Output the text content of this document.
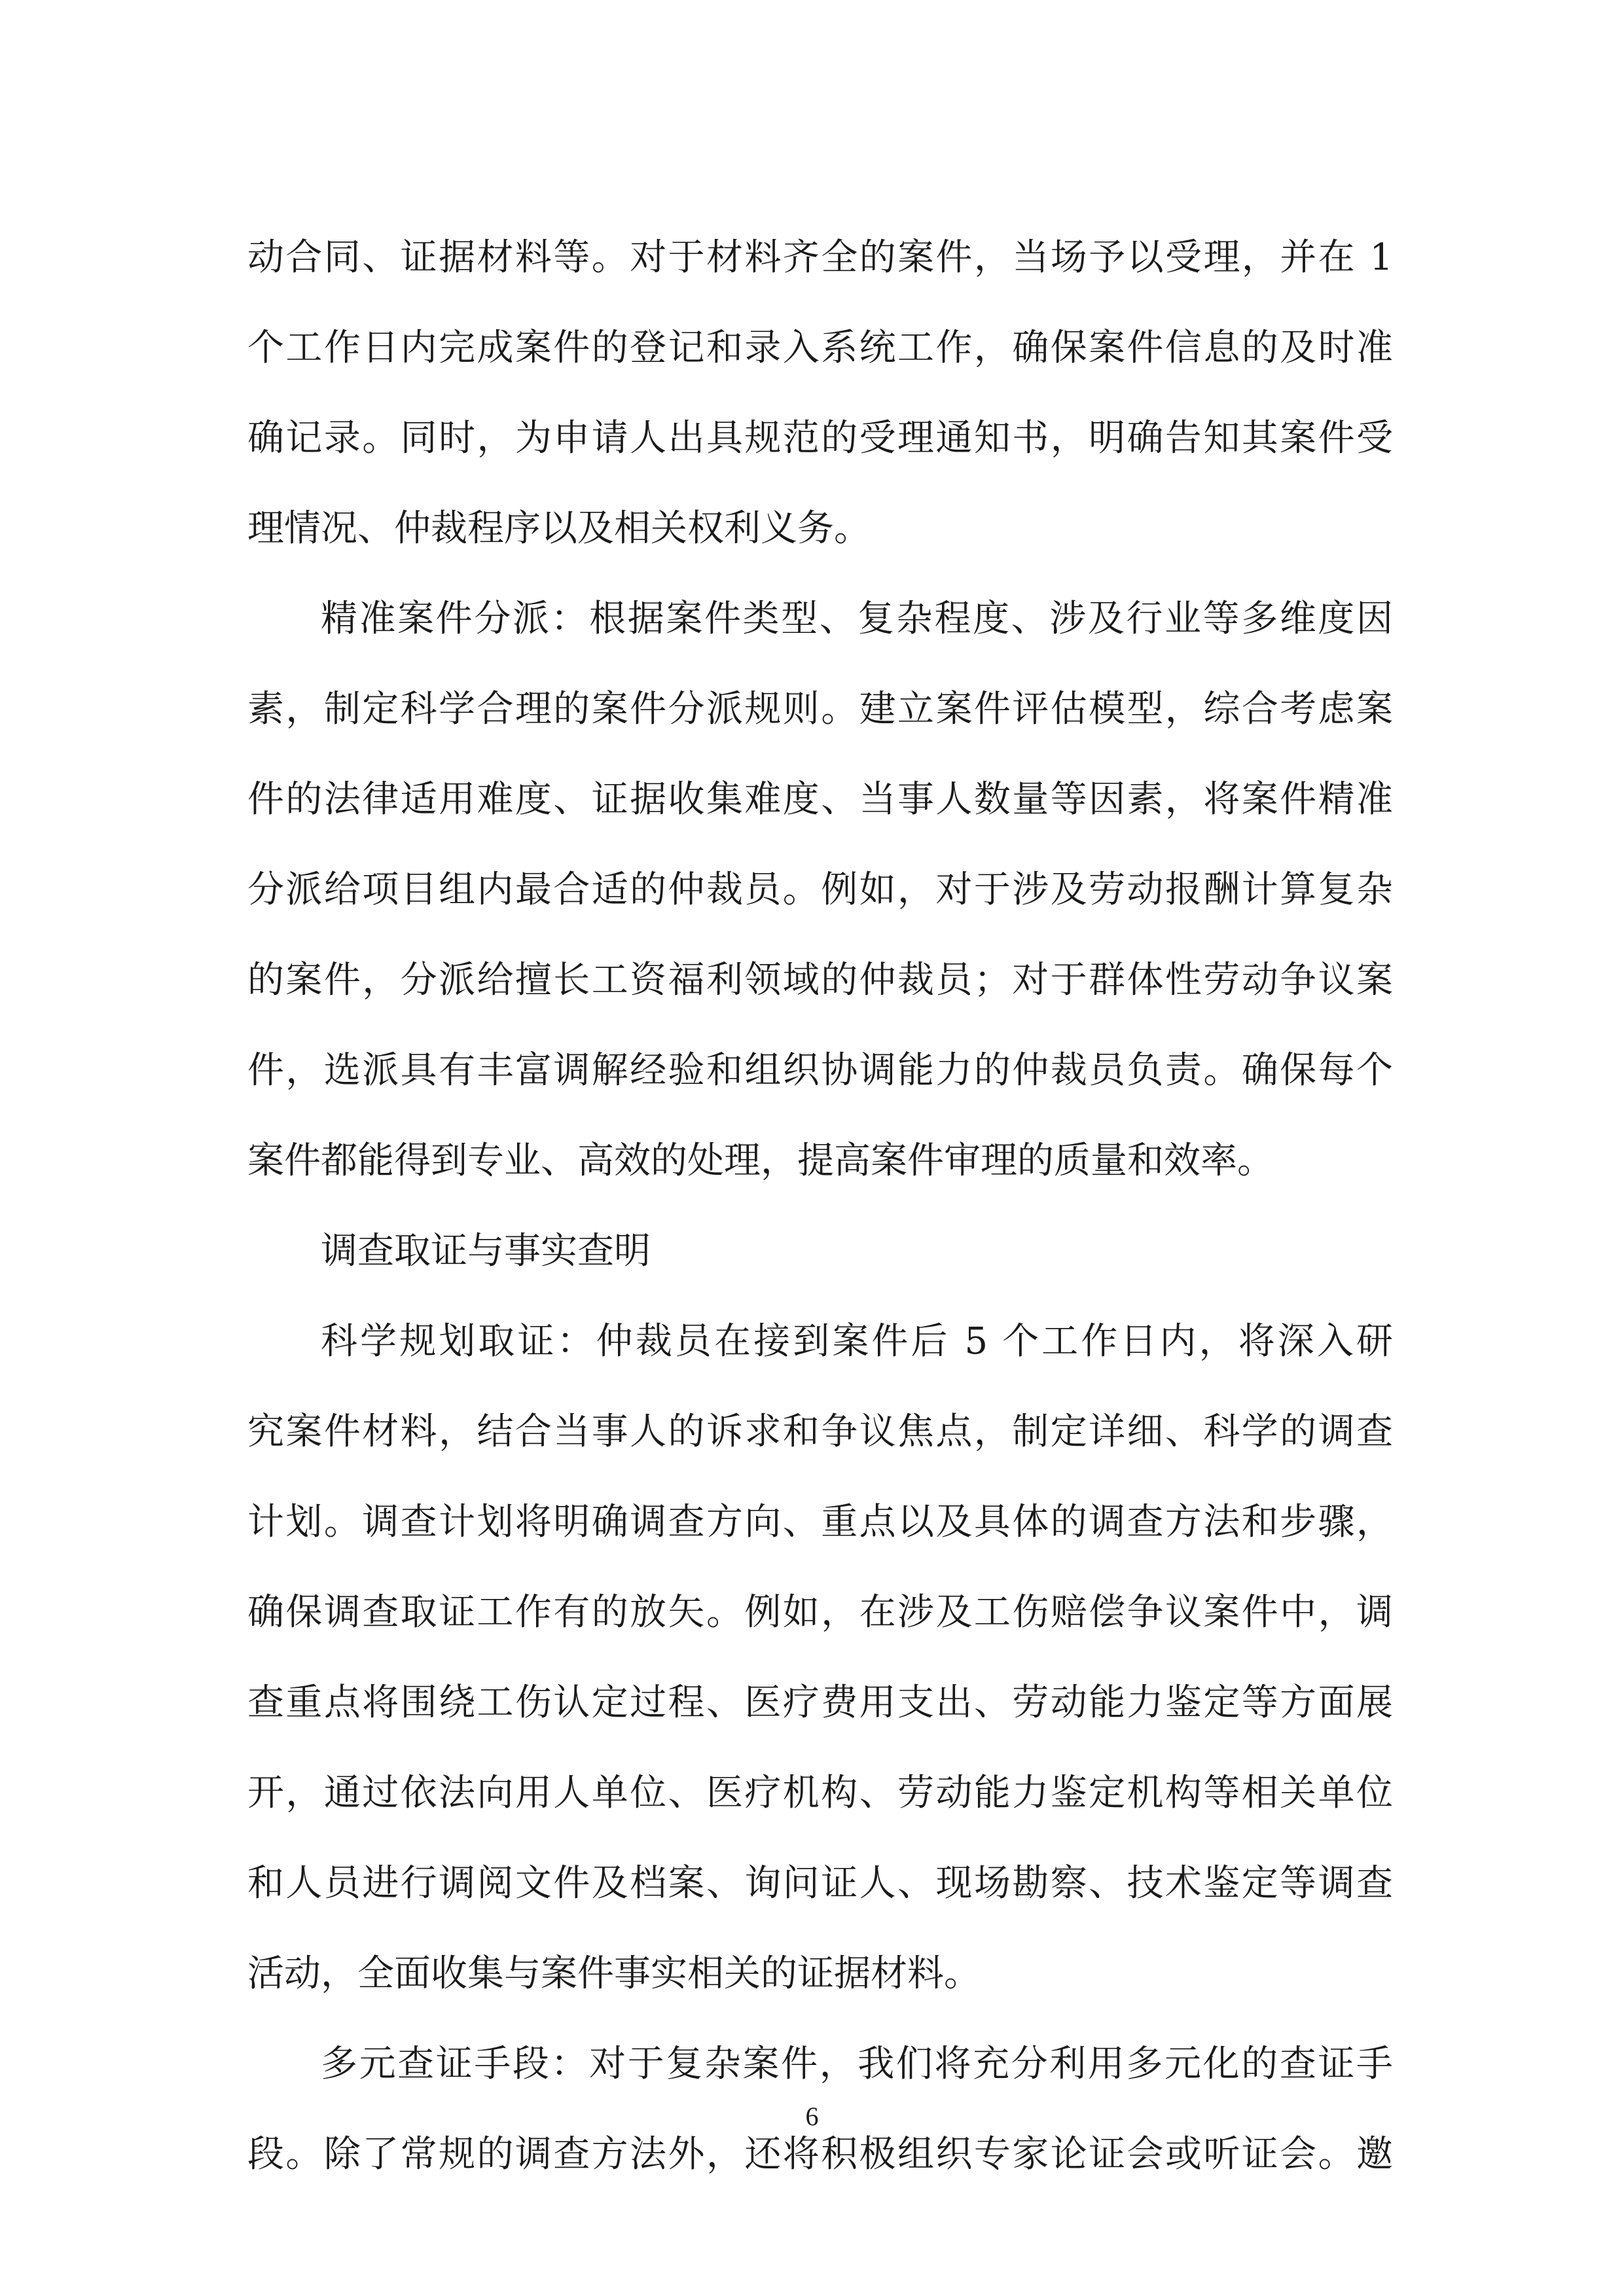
动合同、证据材料等。对于材料齐全的案件，当场予以受理，并在 1
个工作日内完成案件的登记和录入系统工作，确保案件信息的及时准
确记录。同时，为申请人出具规范的受理通知书，明确告知其案件受
理情况、仲裁程序以及相关权利义务。
精准案件分派：根据案件类型、复杂程度、涉及行业等多维度因
素，制定科学合理的案件分派规则。建立案件评估模型，综合考虑案
件的法律适用难度、证据收集难度、当事人数量等因素，将案件精准
分派给项目组内最合适的仲裁员。例如，对于涉及劳动报酬计算复杂
的案件，分派给擅长工资福利领域的仲裁员；对于群体性劳动争议案
件，选派具有丰富调解经验和组织协调能力的仲裁员负责。确保每个
案件都能得到专业、高效的处理，提高案件审理的质量和效率。
调查取证与事实查明
科学规划取证：仲裁员在接到案件后 5 个工作日内，将深入研
究案件材料，结合当事人的诉求和争议焦点，制定详细、科学的调查
计划。调查计划将明确调查方向、重点以及具体的调查方法和步骤，
确保调查取证工作有的放矢。例如，在涉及工伤赔偿争议案件中，调
查重点将围绕工伤认定过程、医疗费用支出、劳动能力鉴定等方面展
开，通过依法向用人单位、医疗机构、劳动能力鉴定机构等相关单位
和人员进行调阅文件及档案、询问证人、现场勘察、技术鉴定等调查
活动，全面收集与案件事实相关的证据材料。
多元查证手段：对于复杂案件，我们将充分利用多元化的查证手
段。除了常规的调查方法外，还将积极组织专家论证会或听证会。邀
6
